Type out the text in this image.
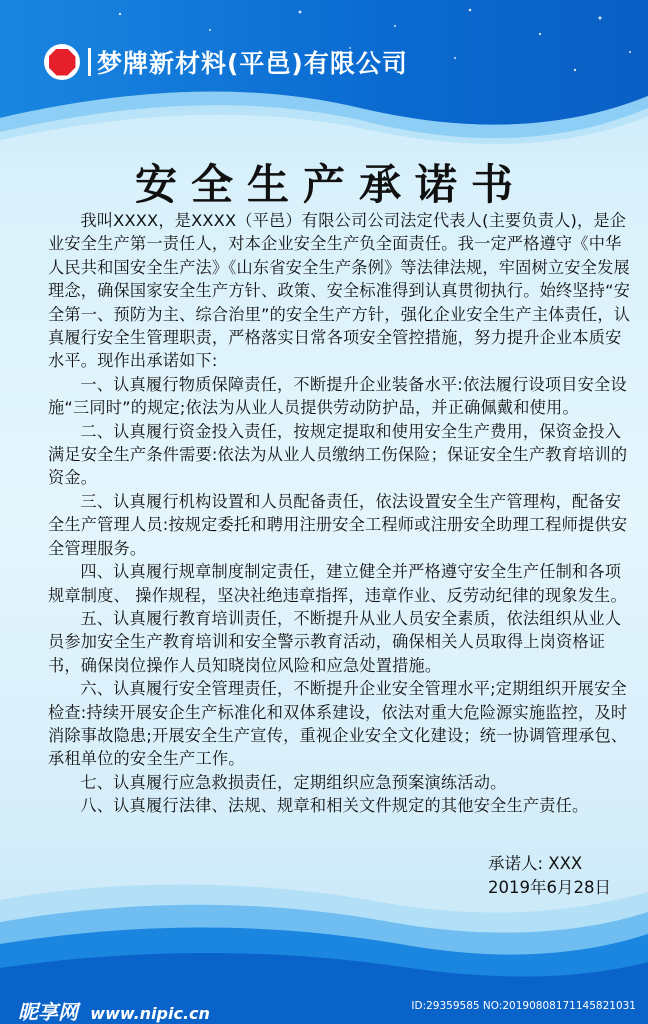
梦牌新材料(平邑)有限公司
安全生产承诺书

我叫XXXX，是XXXX（平邑）有限公司公司法定代表人(主要负责人)，是企业安全生产第一责任人，对本企业安全生产负全面责任。我一定严格遵守《中华人民共和国安全生产法》《山东省安全生产条例》等法律法规，牢固树立安全发展理念，确保国家安全生产方针、政策、安全标准得到认真贯彻执行。始终坚持“安全第一、预防为主、综合治里”的安全生产方针，强化企业安全生产主体责任，认真履行安全生管理职责，严格落实日常各项安全管控措施，努力提升企业本质安水平。现作出承诺如下:

一、认真履行物质保障责任，不断提升企业装备水平:依法履行设项目安全设施“三同时”的规定;依法为从业人员提供劳动防护品，并正确佩戴和使用。

二、认真履行资金投入责任，按规定提取和使用安全生产费用，保资金投入满足安全生产条件需要:依法为从业人员缴纳工伤保险；保证安全生产教育培训的资金。

三、认真履行机构设置和人员配备责任，依法设置安全生产管理构，配备安全生产管理人员:按规定委托和聘用注册安全工程师或注册安全助理工程师提供安全管理服务。

四、认真履行规章制度制定责任，建立健全并严格遵守安全生产任制和各项规章制度、 操作规程，坚决社绝违章指挥，违章作业、反劳动纪律的现象发生。

五、认真履行教育培训责任，不断提升从业人员安全素质，依法组织从业人员参加安全生产教育培训和安全警示教育活动，确保相关人员取得上岗资格证书，确保岗位操作人员知晓岗位风险和应急处置措施。

六、认真履行安全管理责任，不断提升企业安全管理水平;定期组织开展安全检查:持续开展安企生产标准化和双体系建设，依法对重大危险源实施监控，及时消除事故隐患;开展安全生产宣传，重视企业安全文化建设；统一协调管理承包、承租单位的安全生产工作。

七、认真履行应急救损责任，定期组织应急预案演练活动。

八、认真履行法律、法规、规章和相关文件规定的其他安全生产责任。

承诺人: XXX
2019年6月28日
昵享网 www.nipic.cn	ID:29359585 NO:20190808171145821031
